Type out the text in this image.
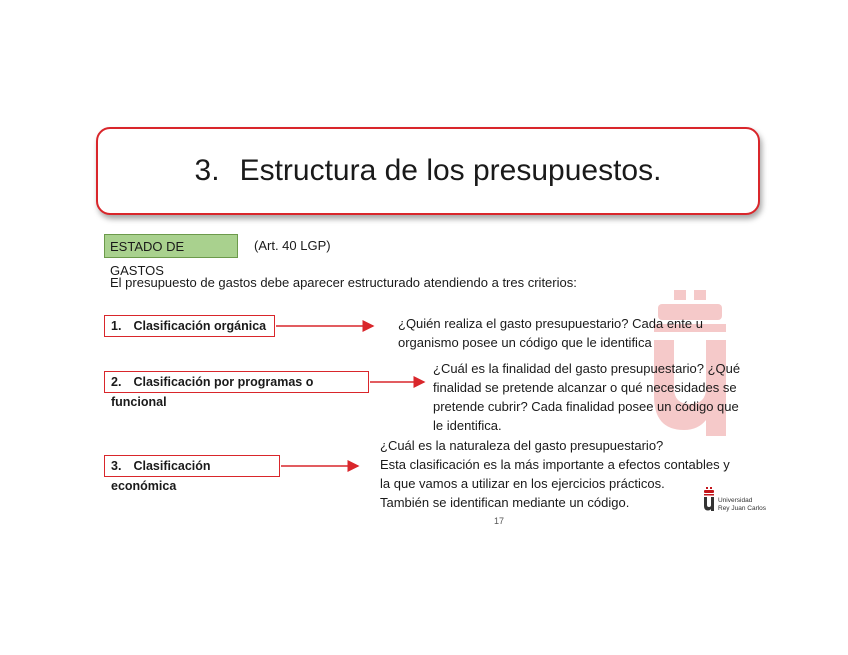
3. Estructura de los presupuestos.
ESTADO DE GASTOS
(Art. 40 LGP)
El presupuesto de gastos debe aparecer estructurado atendiendo a tres criterios:
1. Clasificación orgánica	¿Quién realiza el gasto presupuestario? Cada ente u
organismo posee un código que le identifica
2. Clasificación por programas o funcional
¿Cuál es la finalidad del gasto presupuestario? ¿Qué
finalidad se pretende alcanzar o qué necesidades se
pretende cubrir? Cada finalidad posee un código que
le identifica.
3. Clasificación económica
¿Cuál es la naturaleza del gasto presupuestario?
Esta clasificación es la más importante a efectos contables y
la que vamos a utilizar en los ejercicios prácticos.
También se identifican mediante un código.
17
Universidad
Rey Juan Carlos
